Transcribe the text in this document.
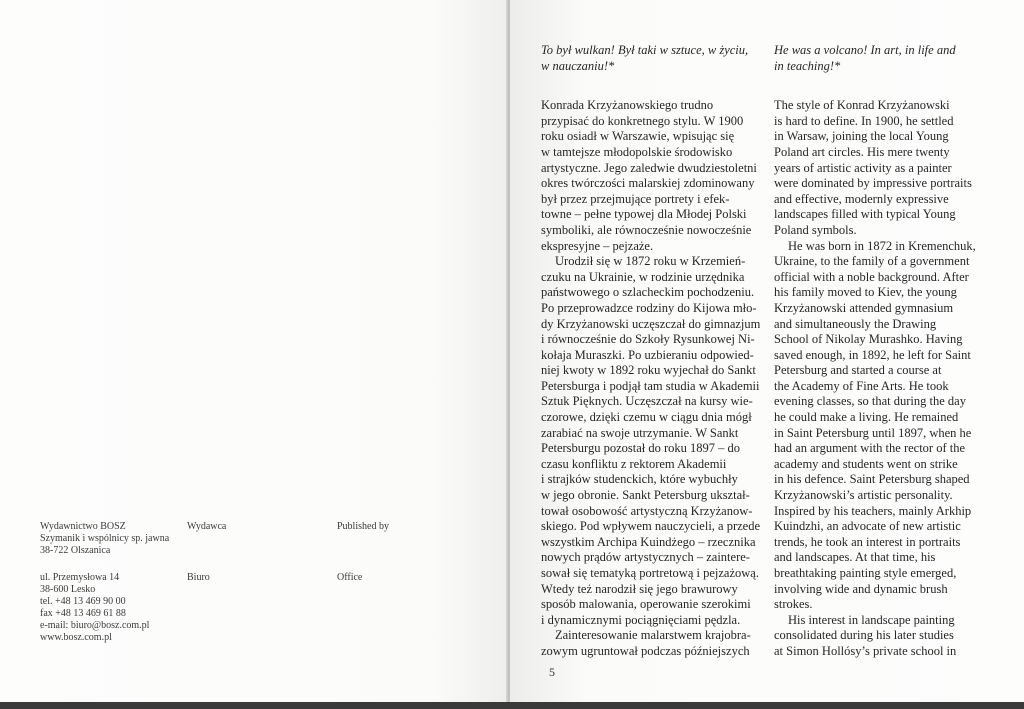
Wydawnictwo BOSZ
Szymanik i wspólnicy sp. jawna
38-722 Olszanica
ul. Przemysłowa 14
38-600 Lesko
tel. +48 13 469 90 00
fax +48 13 469 61 88
e-mail: biuro@bosz.com.pl
www.bosz.com.pl
Wydawca	Published by
Biuro	Office
To był wulkan! Był taki w sztuce, w życiu,
w nauczaniu!*
Konrada Krzyżanowskiego trudno
przypisać do konkretnego stylu. W 1900
roku osiadł w Warszawie, wpisując się
w tamtejsze młodopolskie środowisko
artystyczne. Jego zaledwie dwudziestoletni
okres twórczości malarskiej zdominowany
był przez przejmujące portrety i efek-
towne – pełne typowej dla Młodej Polski
symboliki, ale równocześnie nowocześnie
ekspresyjne – pejzaże.
Urodził się w 1872 roku w Krzemień-
czuku na Ukrainie, w rodzinie urzędnika
państwowego o szlacheckim pochodzeniu.
Po przeprowadzce rodziny do Kijowa mło-
dy Krzyżanowski uczęszczał do gimnazjum
i równocześnie do Szkoły Rysunkowej Ni-
kołaja Muraszki. Po uzbieraniu odpowied-
niej kwoty w 1892 roku wyjechał do Sankt
Petersburga i podjął tam studia w Akademii
Sztuk Pięknych. Uczęszczał na kursy wie-
czorowe, dzięki czemu w ciągu dnia mógł
zarabiać na swoje utrzymanie. W Sankt
Petersburgu pozostał do roku 1897 – do
czasu konfliktu z rektorem Akademii
i strajków studenckich, które wybuchły
w jego obronie. Sankt Petersburg ukształ-
tował osobowość artystyczną Krzyżanow-
skiego. Pod wpływem nauczycieli, a przede
wszystkim Archipa Kuindżego – rzecznika
nowych prądów artystycznych – zaintere-
sował się tematyką portretową i pejzażową.
Wtedy też narodził się jego brawurowy
sposób malowania, operowanie szerokimi
i dynamicznymi pociągnięciami pędzla.
Zainteresowanie malarstwem krajobra-
zowym ugruntował podczas późniejszych
He was a volcano! In art, in life and
in teaching!*
The style of Konrad Krzyżanowski
is hard to define. In 1900, he settled
in Warsaw, joining the local Young
Poland art circles. His mere twenty
years of artistic activity as a painter
were dominated by impressive portraits
and effective, modernly expressive
landscapes filled with typical Young
Poland symbols.
He was born in 1872 in Kremenchuk,
Ukraine, to the family of a government
official with a noble background. After
his family moved to Kiev, the young
Krzyżanowski attended gymnasium
and simultaneously the Drawing
School of Nikolay Murashko. Having
saved enough, in 1892, he left for Saint
Petersburg and started a course at
the Academy of Fine Arts. He took
evening classes, so that during the day
he could make a living. He remained
in Saint Petersburg until 1897, when he
had an argument with the rector of the
academy and students went on strike
in his defence. Saint Petersburg shaped
Krzyżanowski’s artistic personality.
Inspired by his teachers, mainly Arkhip
Kuindzhi, an advocate of new artistic
trends, he took an interest in portraits
and landscapes. At that time, his
breathtaking painting style emerged,
involving wide and dynamic brush
strokes.
His interest in landscape painting
consolidated during his later studies
at Simon Hollósy’s private school in
5
